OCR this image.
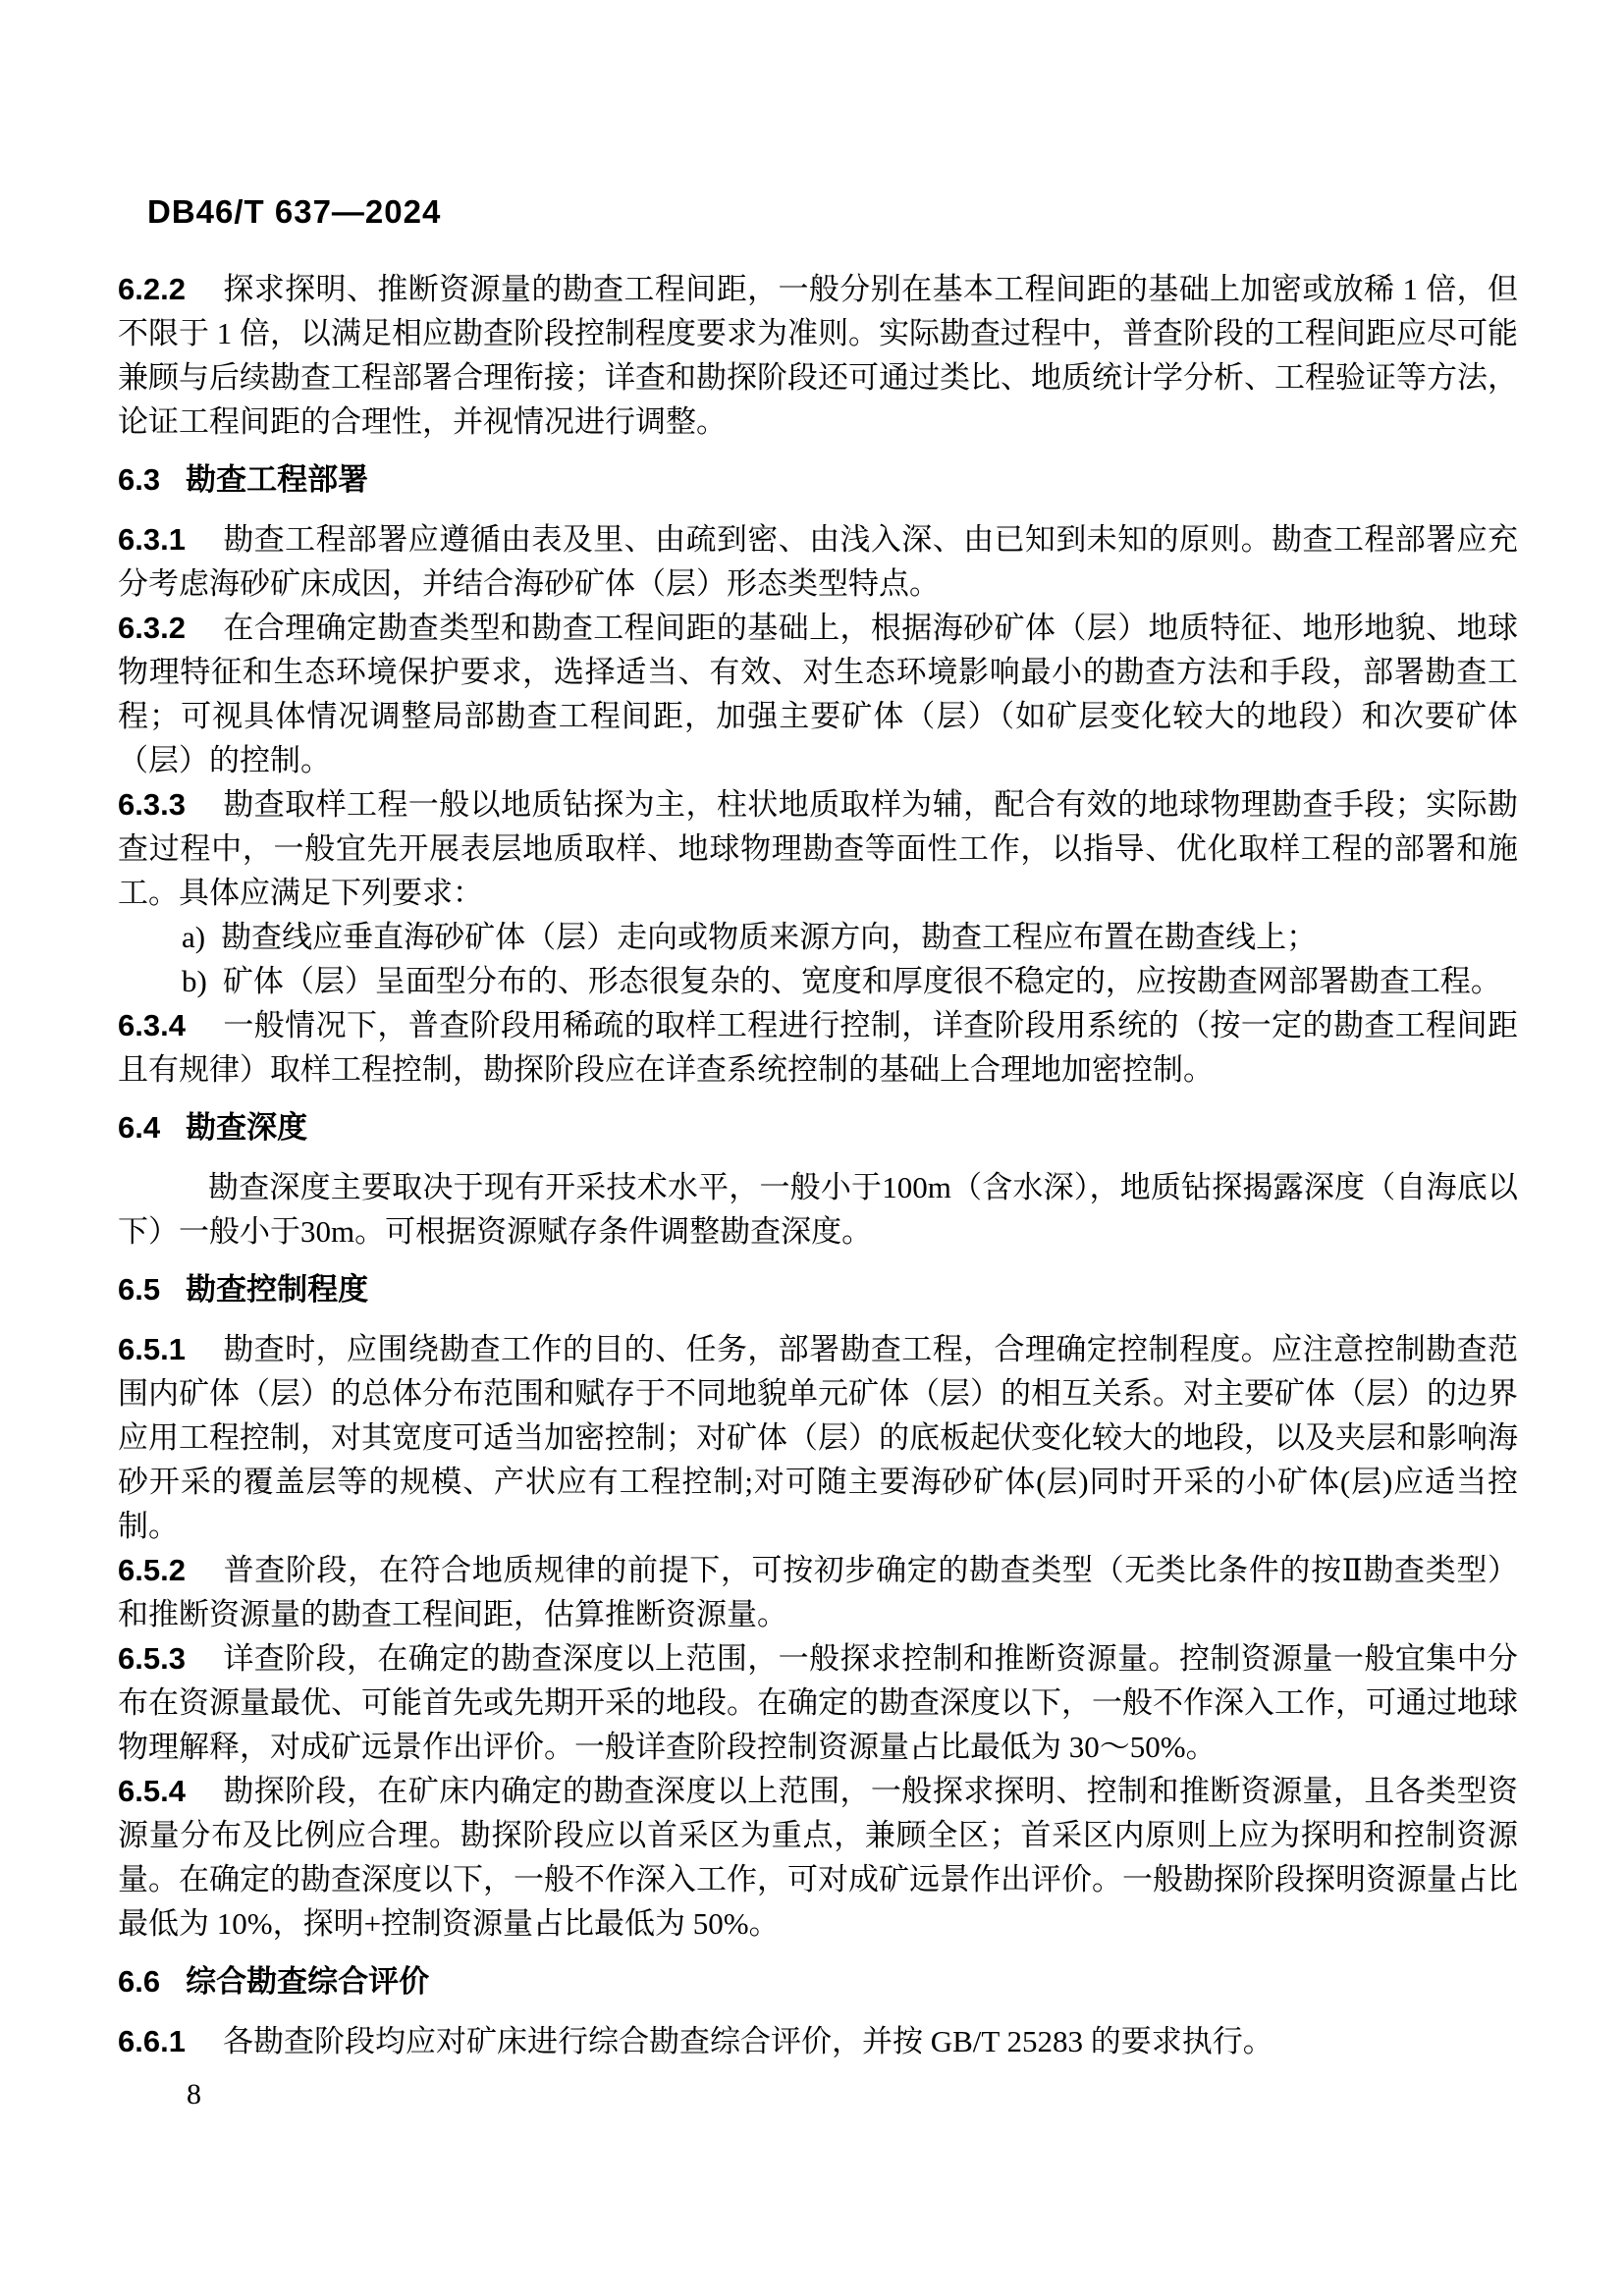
DB46/T 637—2024

6.2.2 探求探明、推断资源量的勘查工程间距，一般分别在基本工程间距的基础上加密或放稀 1 倍，但不限于 1 倍，以满足相应勘查阶段控制程度要求为准则。实际勘查过程中，普查阶段的工程间距应尽可能兼顾与后续勘查工程部署合理衔接；详查和勘探阶段还可通过类比、地质统计学分析、工程验证等方法，论证工程间距的合理性，并视情况进行调整。

6.3 勘查工程部署

6.3.1 勘查工程部署应遵循由表及里、由疏到密、由浅入深、由已知到未知的原则。勘查工程部署应充分考虑海砂矿床成因，并结合海砂矿体（层）形态类型特点。

6.3.2 在合理确定勘查类型和勘查工程间距的基础上，根据海砂矿体（层）地质特征、地形地貌、地球物理特征和生态环境保护要求，选择适当、有效、对生态环境影响最小的勘查方法和手段，部署勘查工程；可视具体情况调整局部勘查工程间距，加强主要矿体（层）（如矿层变化较大的地段）和次要矿体（层）的控制。

6.3.3 勘查取样工程一般以地质钻探为主，柱状地质取样为辅，配合有效的地球物理勘查手段；实际勘查过程中，一般宜先开展表层地质取样、地球物理勘查等面性工作，以指导、优化取样工程的部署和施工。具体应满足下列要求：

a) 勘查线应垂直海砂矿体（层）走向或物质来源方向，勘查工程应布置在勘查线上；
b) 矿体（层）呈面型分布的、形态很复杂的、宽度和厚度很不稳定的，应按勘查网部署勘查工程。

6.3.4 一般情况下，普查阶段用稀疏的取样工程进行控制，详查阶段用系统的（按一定的勘查工程间距且有规律）取样工程控制，勘探阶段应在详查系统控制的基础上合理地加密控制。

6.4 勘查深度

勘查深度主要取决于现有开采技术水平，一般小于100m（含水深），地质钻探揭露深度（自海底以下）一般小于30m。可根据资源赋存条件调整勘查深度。

6.5 勘查控制程度

6.5.1 勘查时，应围绕勘查工作的目的、任务，部署勘查工程，合理确定控制程度。应注意控制勘查范围内矿体（层）的总体分布范围和赋存于不同地貌单元矿体（层）的相互关系。对主要矿体（层）的边界应用工程控制，对其宽度可适当加密控制；对矿体（层）的底板起伏变化较大的地段，以及夹层和影响海砂开采的覆盖层等的规模、产状应有工程控制;对可随主要海砂矿体(层)同时开采的小矿体(层)应适当控制。

6.5.2 普查阶段，在符合地质规律的前提下，可按初步确定的勘查类型（无类比条件的按Ⅱ勘查类型）和推断资源量的勘查工程间距，估算推断资源量。

6.5.3 详查阶段，在确定的勘查深度以上范围，一般探求控制和推断资源量。控制资源量一般宜集中分布在资源量最优、可能首先或先期开采的地段。在确定的勘查深度以下，一般不作深入工作，可通过地球物理解释，对成矿远景作出评价。一般详查阶段控制资源量占比最低为 30～50%。

6.5.4 勘探阶段，在矿床内确定的勘查深度以上范围，一般探求探明、控制和推断资源量，且各类型资源量分布及比例应合理。勘探阶段应以首采区为重点，兼顾全区；首采区内原则上应为探明和控制资源量。在确定的勘查深度以下，一般不作深入工作，可对成矿远景作出评价。一般勘探阶段探明资源量占比最低为 10%，探明+控制资源量占比最低为 50%。

6.6 综合勘查综合评价

6.6.1 各勘查阶段均应对矿床进行综合勘查综合评价，并按 GB/T 25283 的要求执行。

8
